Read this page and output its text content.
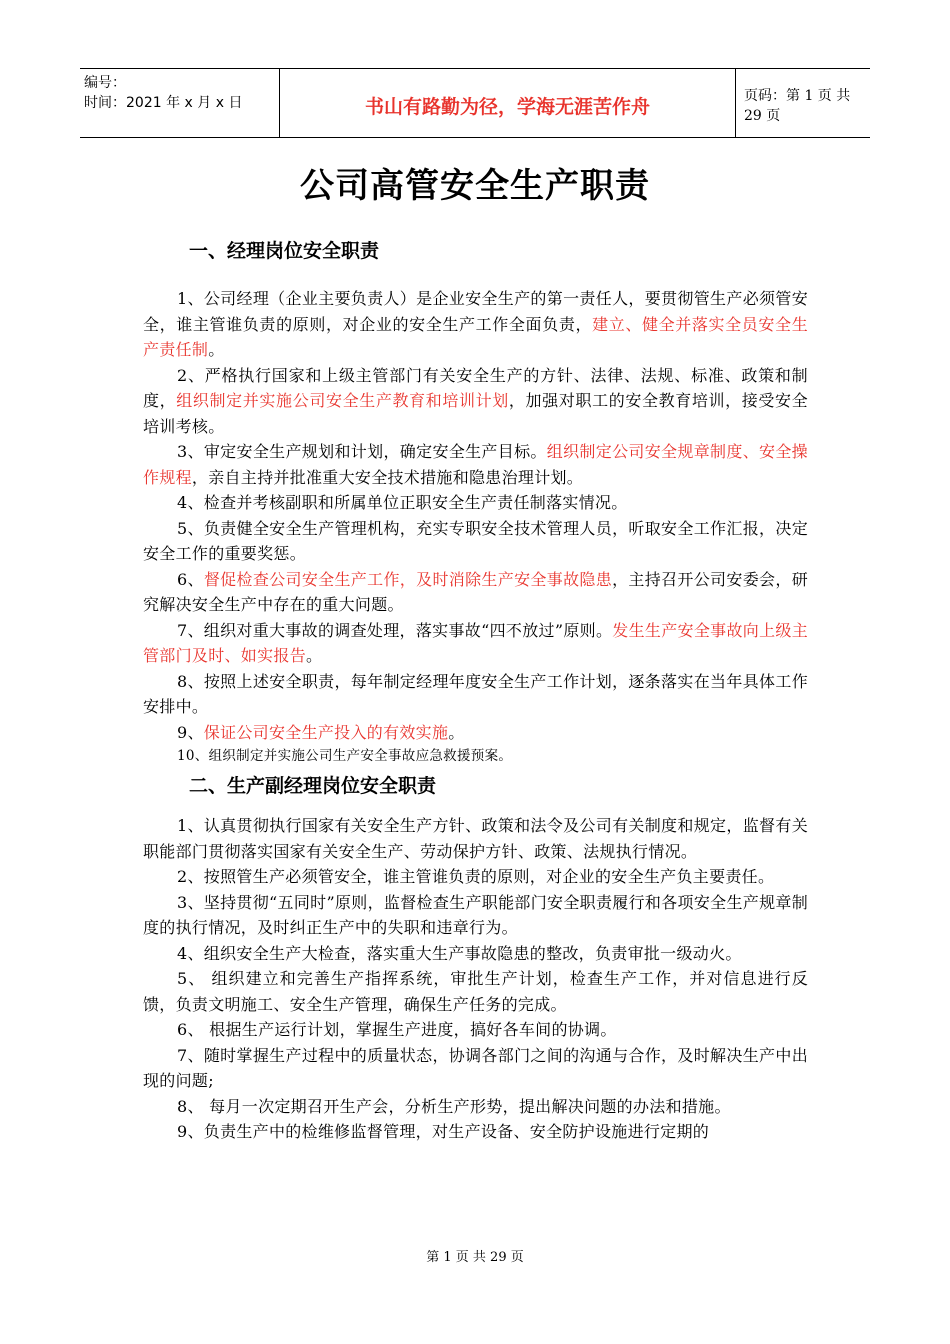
编号：
时间：2021 年 x 月 x 日	书山有路勤为径，学海无涯苦作舟	页码：第 1 页 共 29 页
公司高管安全生产职责
一、经理岗位安全职责
1、公司经理（企业主要负责人）是企业安全生产的第一责任人，要贯彻管生产必须管安全，谁主管谁负责的原则，对企业的安全生产工作全面负责，建立、健全并落实全员安全生产责任制。
2、严格执行国家和上级主管部门有关安全生产的方针、法律、法规、标准、政策和制度，组织制定并实施公司安全生产教育和培训计划，加强对职工的安全教育培训，接受安全培训考核。
3、审定安全生产规划和计划，确定安全生产目标。组织制定公司安全规章制度、安全操作规程，亲自主持并批准重大安全技术措施和隐患治理计划。
4、检查并考核副职和所属单位正职安全生产责任制落实情况。
5、负责健全安全生产管理机构，充实专职安全技术管理人员，听取安全工作汇报，决定安全工作的重要奖惩。
6、督促检查公司安全生产工作，及时消除生产安全事故隐患，主持召开公司安委会，研究解决安全生产中存在的重大问题。
7、组织对重大事故的调查处理，落实事故“四不放过”原则。发生生产安全事故向上级主管部门及时、如实报告。
8、按照上述安全职责，每年制定经理年度安全生产工作计划，逐条落实在当年具体工作安排中。
9、保证公司安全生产投入的有效实施。
10、组织制定并实施公司生产安全事故应急救援预案。
二、生产副经理岗位安全职责
1、认真贯彻执行国家有关安全生产方针、政策和法令及公司有关制度和规定，监督有关职能部门贯彻落实国家有关安全生产、劳动保护方针、政策、法规执行情况。
2、按照管生产必须管安全，谁主管谁负责的原则，对企业的安全生产负主要责任。
3、坚持贯彻“五同时”原则，监督检查生产职能部门安全职责履行和各项安全生产规章制度的执行情况，及时纠正生产中的失职和违章行为。
4、组织安全生产大检查，落实重大生产事故隐患的整改，负责审批一级动火。
5、 组织建立和完善生产指挥系统，审批生产计划，检查生产工作，并对信息进行反馈，负责文明施工、安全生产管理，确保生产任务的完成。
6、 根据生产运行计划，掌握生产进度，搞好各车间的协调。
7、随时掌握生产过程中的质量状态，协调各部门之间的沟通与合作，及时解决生产中出现的问题;
8、 每月一次定期召开生产会，分析生产形势，提出解决问题的办法和措施。
9、负责生产中的检维修监督管理，对生产设备、安全防护设施进行定期的
第 1 页 共 29 页
